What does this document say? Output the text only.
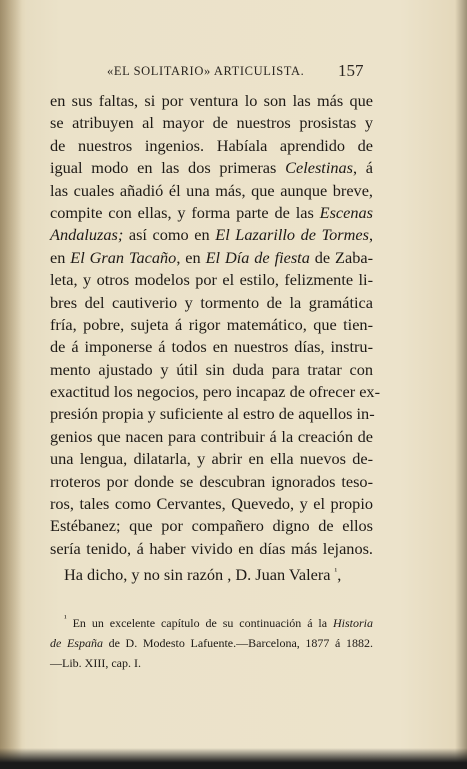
«EL SOLITARIO» ARTICULISTA. 157
en sus faltas, si por ventura lo son las más que
se atribuyen al mayor de nuestros prosistas y
de nuestros ingenios. Habíala aprendido de
igual modo en las dos primeras Celestinas, á
las cuales añadió él una más, que aunque breve,
compite con ellas, y forma parte de las Escenas
Andaluzas; así como en El Lazarillo de Tormes,
en El Gran Tacaño, en El Día de fiesta de Zaba-
leta, y otros modelos por el estilo, felizmente li-
bres del cautiverio y tormento de la gramática
fría, pobre, sujeta á rigor matemático, que tien-
de á imponerse á todos en nuestros días, instru-
mento ajustado y útil sin duda para tratar con
exactitud los negocios, pero incapaz de ofrecer ex-
presión propia y suficiente al estro de aquellos in-
genios que nacen para contribuir á la creación de
una lengua, dilatarla, y abrir en ella nuevos de-
rroteros por donde se descubran ignorados teso-
ros, tales como Cervantes, Quevedo, y el propio
Estébanez; que por compañero digno de ellos
sería tenido, á haber vivido en días más lejanos.
Ha dicho, y no sin razón , D. Juan Valera $^{^1}$,
$^{^1}$ En un excelente capítulo de su continuación á la Historia
de España de D. Modesto Lafuente.—Barcelona, 1877 á 1882.
—Lib. XIII, cap. I.
